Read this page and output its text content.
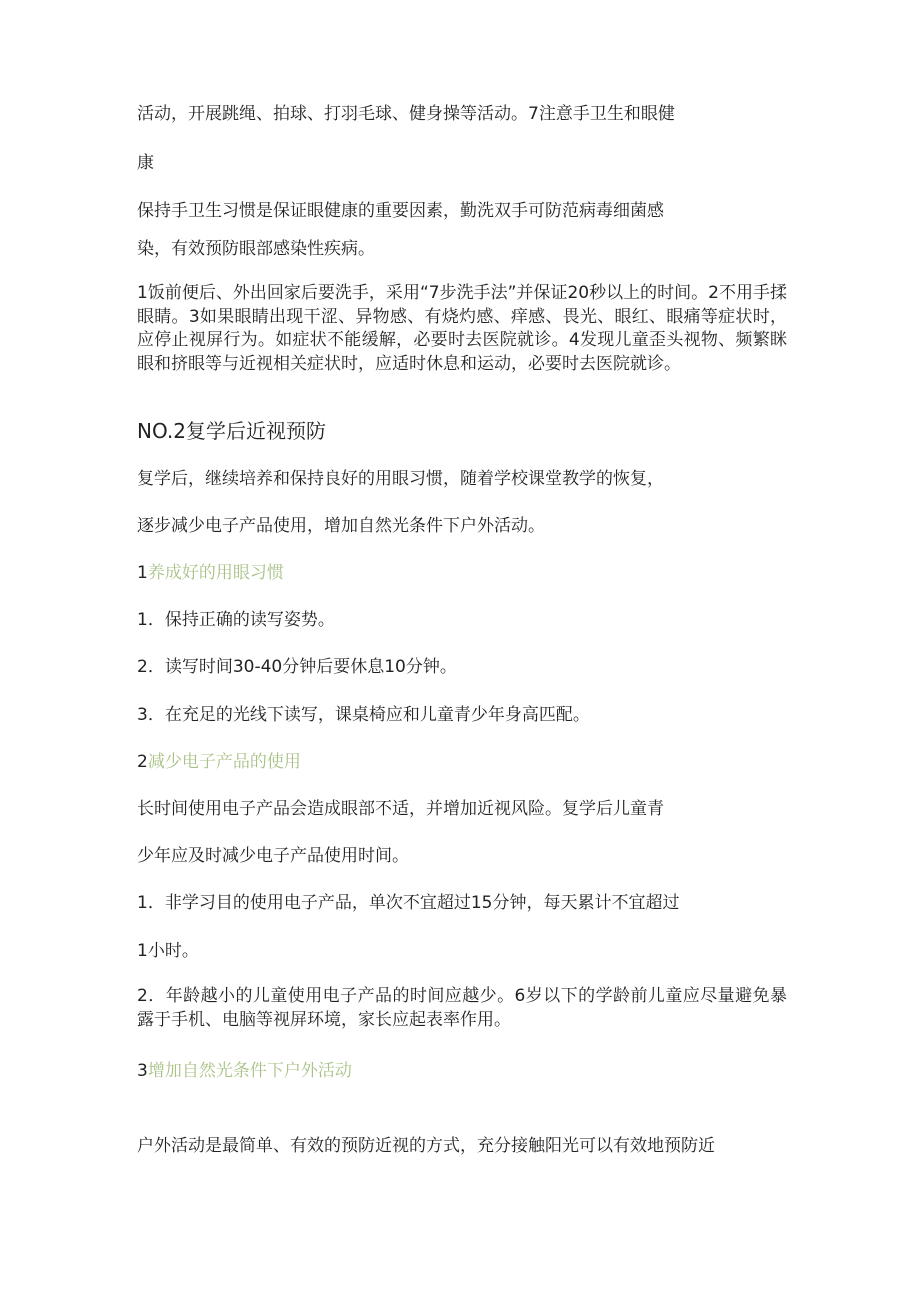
活动，开展跳绳、拍球、打羽毛球、健身操等活动。7注意手卫生和眼健

康

保持手卫生习惯是保证眼健康的重要因素，勤洗双手可防范病毒细菌感

染，有效预防眼部感染性疾病。

1饭前便后、外出回家后要洗手，采用“7步洗手法”并保证20秒以上的时间。2不用手揉眼睛。3如果眼睛出现干涩、异物感、有烧灼感、痒感、畏光、眼红、眼痛等症状时，应停止视屏行为。如症状不能缓解，必要时去医院就诊。4发现儿童歪头视物、频繁眯眼和挤眼等与近视相关症状时，应适时休息和运动，必要时去医院就诊。

NO.2复学后近视预防

复学后，继续培养和保持良好的用眼习惯，随着学校课堂教学的恢复，

逐步减少电子产品使用，增加自然光条件下户外活动。

1养成好的用眼习惯

1．保持正确的读写姿势。

2．读写时间30-40分钟后要休息10分钟。

3．在充足的光线下读写，课桌椅应和儿童青少年身高匹配。

2减少电子产品的使用

长时间使用电子产品会造成眼部不适，并增加近视风险。复学后儿童青

少年应及时减少电子产品使用时间。

1．非学习目的使用电子产品，单次不宜超过15分钟，每天累计不宜超过

1小时。

2．年龄越小的儿童使用电子产品的时间应越少。6岁以下的学龄前儿童应尽量避免暴露于手机、电脑等视屏环境，家长应起表率作用。

3增加自然光条件下户外活动

户外活动是最简单、有效的预防近视的方式，充分接触阳光可以有效地预防近
